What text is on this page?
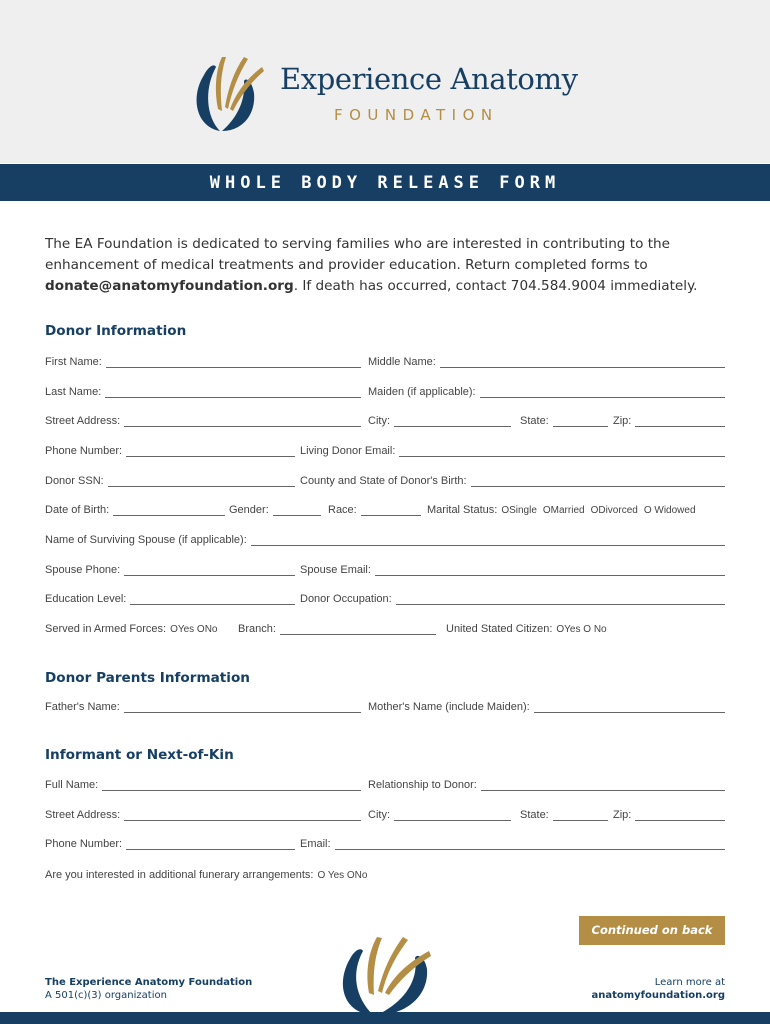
Experience Anatomy
FOUNDATION
WHOLE BODY RELEASE FORM
The EA Foundation is dedicated to serving families who are interested in contributing to the
enhancement of medical treatments and provider education. Return completed forms to
donate@anatomyfoundation.org. If death has occurred, contact 704.584.9004 immediately.
Donor Information
First Name:	Middle Name:
Last Name:	Maiden (if applicable):
Street Address:	City:	State:	Zip:
Phone Number:	Living Donor Email:
Donor SSN:	County and State of Donor's Birth:
Date of Birth:	Gender:	Race:	Marital Status: OSingle OMarried ODivorced O Widowed
Name of Surviving Spouse (if applicable):
Spouse Phone:	Spouse Email:
Education Level:	Donor Occupation:
Served in Armed Forces: OYes ONo Branch:	United Stated Citizen: OYes O No
Donor Parents Information
Father's Name:	Mother's Name (include Maiden):
Informant or Next-of-Kin
Full Name:	Relationship to Donor:
Street Address:	City:	State:	Zip:
Phone Number:	Email:
Are you interested in additional funerary arrangements: O Yes ONo
Continued on back
The Experience Anatomy Foundation
A 501(c)(3) organization
Learn more at
anatomyfoundation.org
